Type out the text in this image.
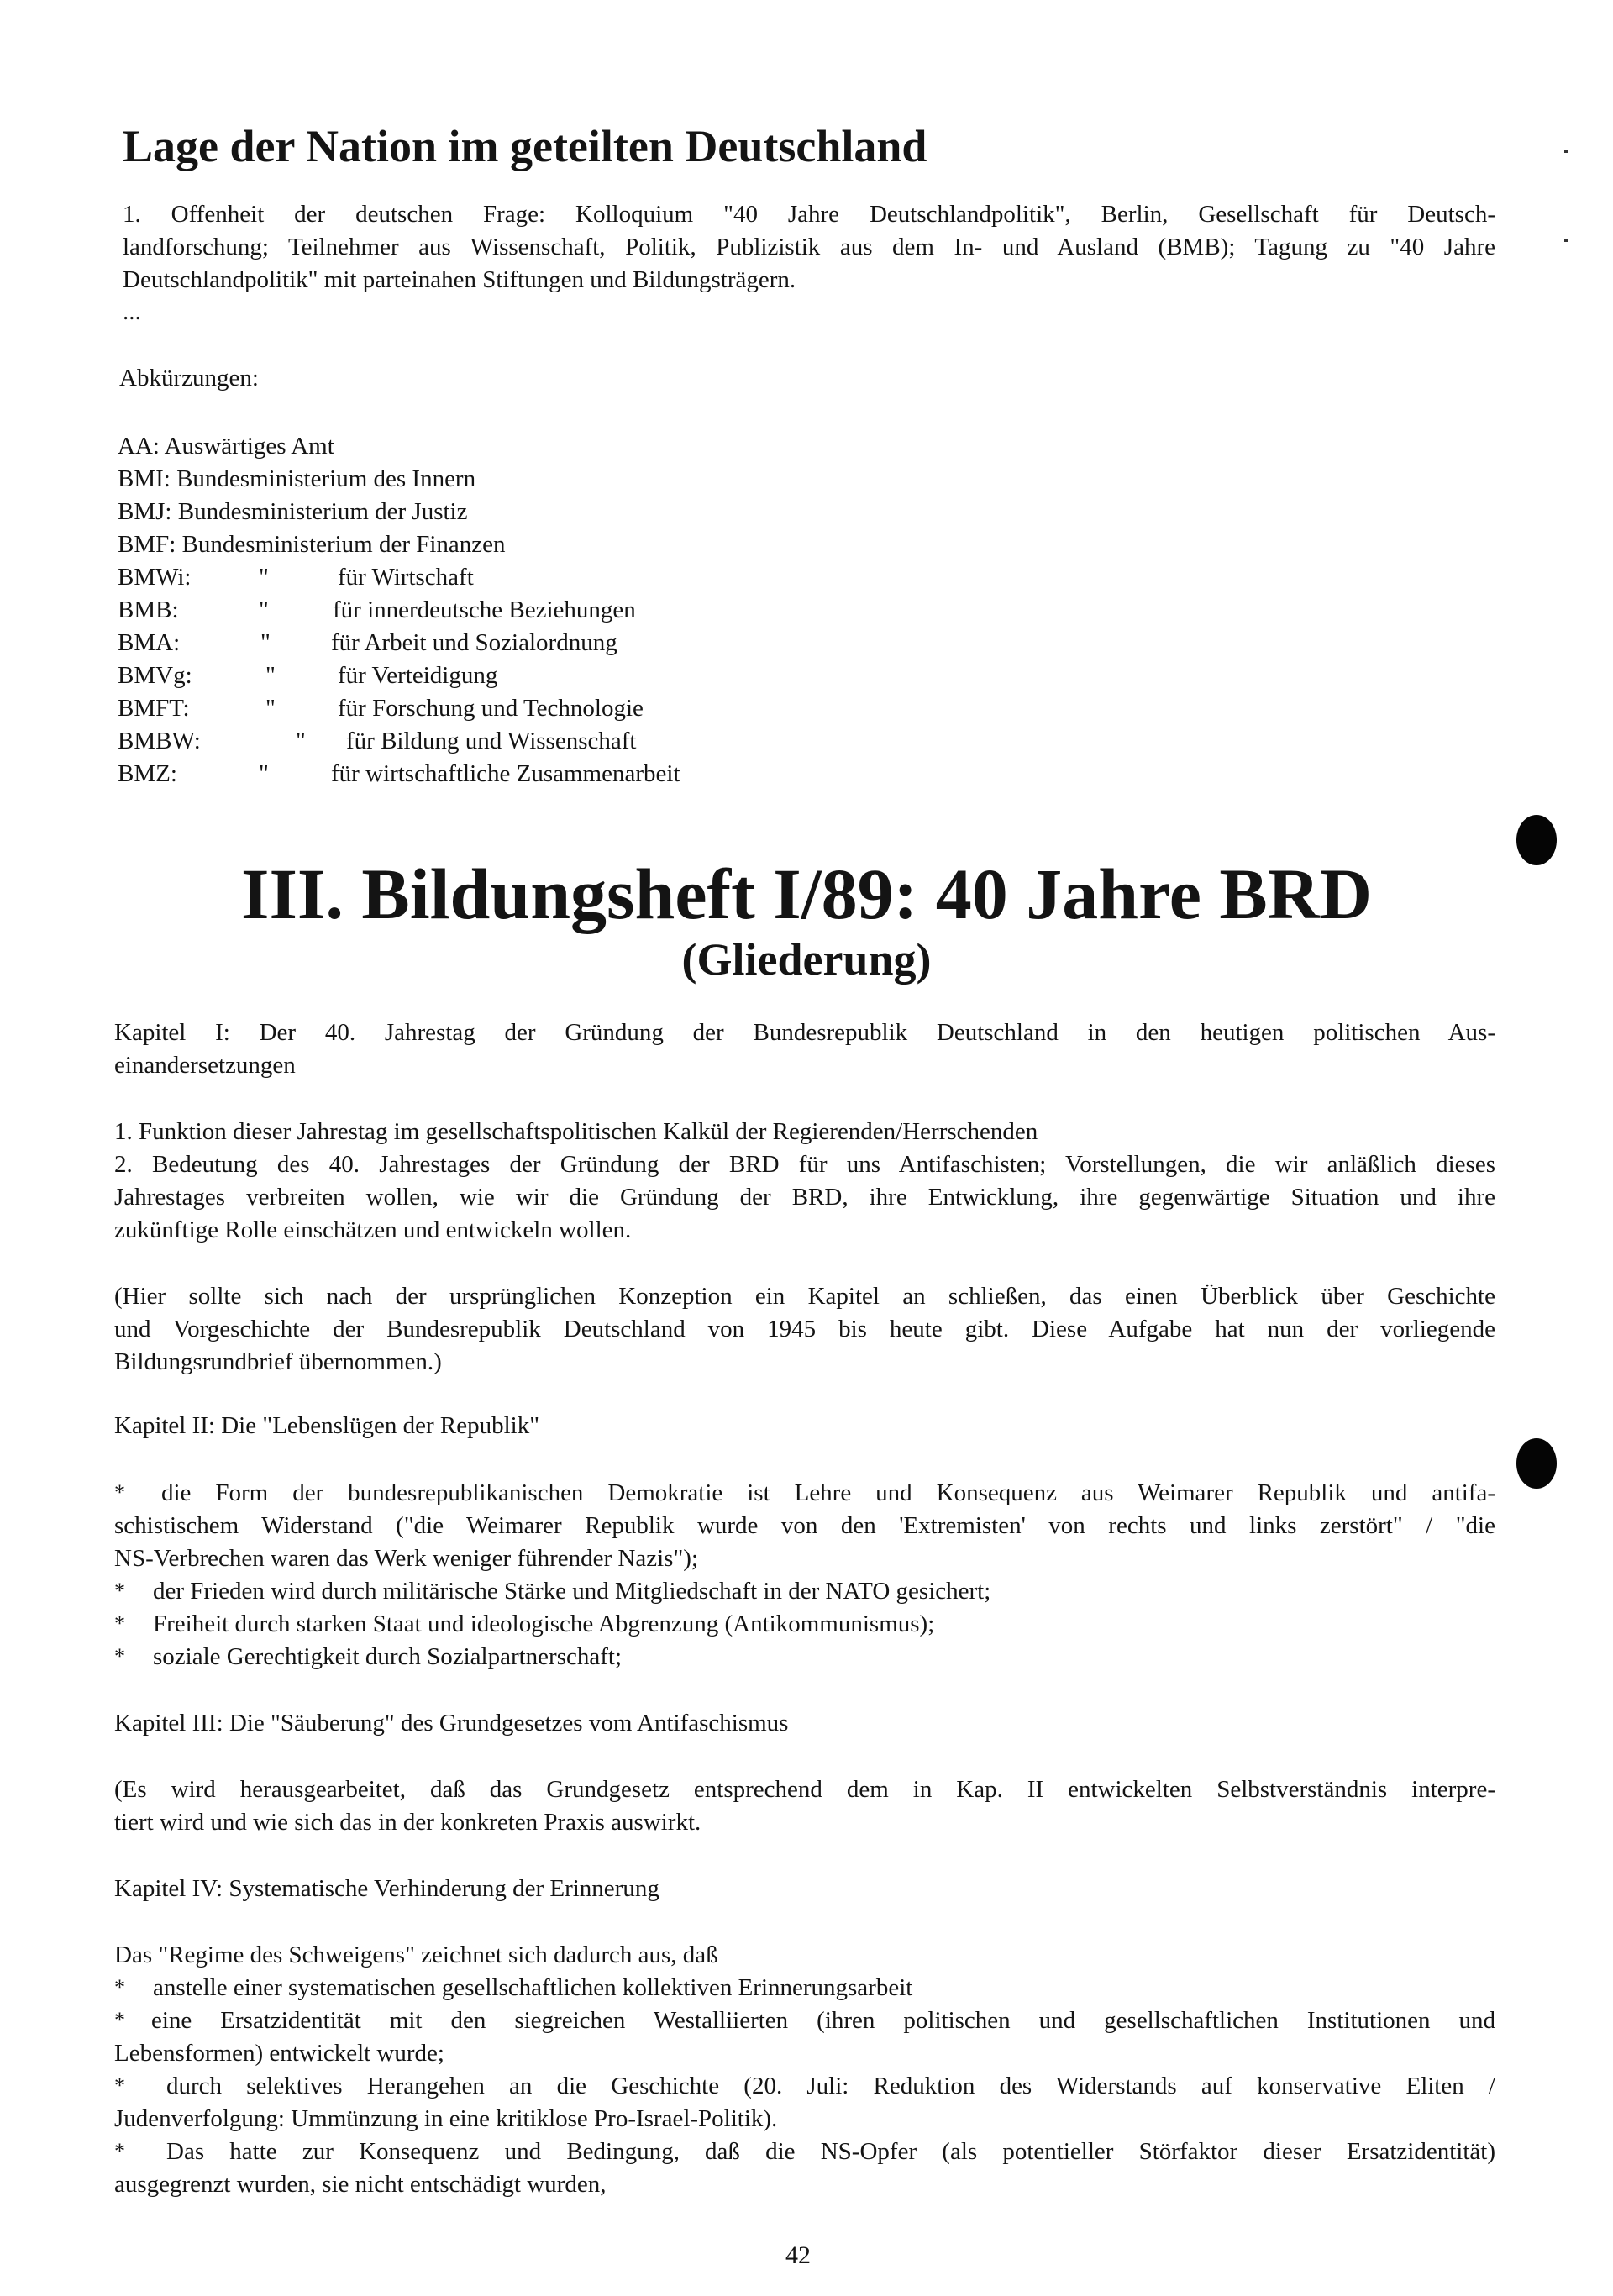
Lage der Nation im geteilten Deutschland
1. Offenheit der deutschen Frage: Kolloquium "40 Jahre Deutschlandpolitik", Berlin, Gesellschaft für Deutsch-
landforschung; Teilnehmer aus Wissenschaft, Politik, Publizistik aus dem In- und Ausland (BMB); Tagung zu "40 Jahre
Deutschlandpolitik" mit parteinahen Stiftungen und Bildungsträgern.
...
Abkürzungen:
AA: Auswärtiges Amt
BMI: Bundesministerium des Innern
BMJ: Bundesministerium der Justiz
BMF: Bundesministerium der Finanzen
BMWi:	"	für Wirtschaft
BMB:	"	für innerdeutsche Beziehungen
BMA:	" für Arbeit und Sozialordnung
BMVg:	"	für Verteidigung
BMFT:	"	für Forschung und Technologie
BMBW:	" für Bildung und Wissenschaft
BMZ:	"	für wirtschaftliche Zusammenarbeit
III. Bildungsheft I/89: 40 Jahre BRD
(Gliederung)
Kapitel I: Der 40. Jahrestag der Gründung der Bundesrepublik Deutschland in den heutigen politischen Aus-
einandersetzungen
1. Funktion dieser Jahrestag im gesellschaftspolitischen Kalkül der Regierenden/Herrschenden
2. Bedeutung des 40. Jahrestages der Gründung der BRD für uns Antifaschisten; Vorstellungen, die wir anläßlich dieses
Jahrestages verbreiten wollen, wie wir die Gründung der BRD, ihre Entwicklung, ihre gegenwärtige Situation und ihre
zukünftige Rolle einschätzen und entwickeln wollen.
(Hier sollte sich nach der ursprünglichen Konzeption ein Kapitel an schließen, das einen Überblick über Geschichte
und Vorgeschichte der Bundesrepublik Deutschland von 1945 bis heute gibt. Diese Aufgabe hat nun der vorliegende
Bildungsrundbrief übernommen.)
Kapitel II: Die "Lebenslügen der Republik"
* die Form der bundesrepublikanischen Demokratie ist Lehre und Konsequenz aus Weimarer Republik und antifa-
schistischem Widerstand ("die Weimarer Republik wurde von den 'Extremisten' von rechts und links zerstört" / "die
NS-Verbrechen waren das Werk weniger führender Nazis");
* der Frieden wird durch militärische Stärke und Mitgliedschaft in der NATO gesichert;
* Freiheit durch starken Staat und ideologische Abgrenzung (Antikommunismus);
* soziale Gerechtigkeit durch Sozialpartnerschaft;
Kapitel III: Die "Säuberung" des Grundgesetzes vom Antifaschismus
(Es wird herausgearbeitet, daß das Grundgesetz entsprechend dem in Kap. II entwickelten Selbstverständnis interpre-
tiert wird und wie sich das in der konkreten Praxis auswirkt.
Kapitel IV: Systematische Verhinderung der Erinnerung
Das "Regime des Schweigens" zeichnet sich dadurch aus, daß
* anstelle einer systematischen gesellschaftlichen kollektiven Erinnerungsarbeit
* eine Ersatzidentität mit den siegreichen Westalliierten (ihren politischen und gesellschaftlichen Institutionen und
Lebensformen) entwickelt wurde;
* durch selektives Herangehen an die Geschichte (20. Juli: Reduktion des Widerstands auf konservative Eliten /
Judenverfolgung: Ummünzung in eine kritiklose Pro-Israel-Politik).
* Das hatte zur Konsequenz und Bedingung, daß die NS-Opfer (als potentieller Störfaktor dieser Ersatzidentität)
ausgegrenzt wurden, sie nicht entschädigt wurden,
42
